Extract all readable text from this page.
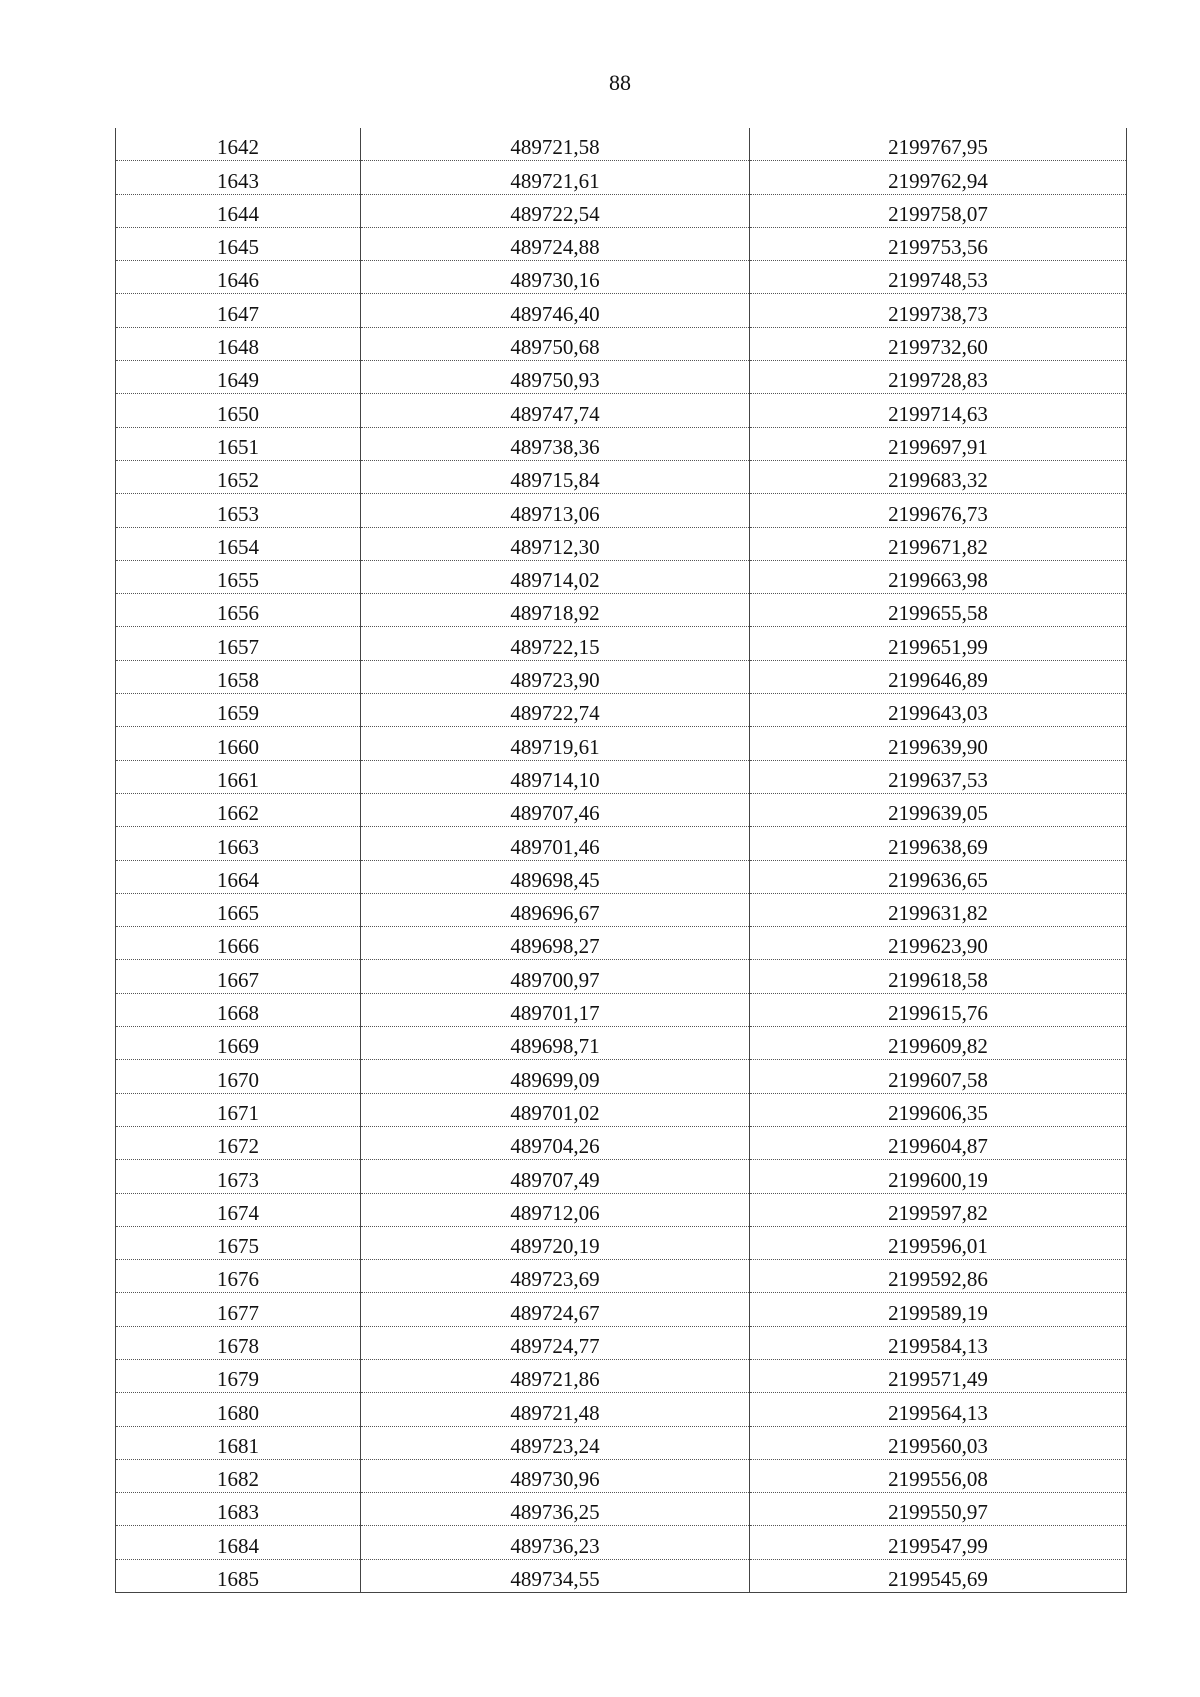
88
1642	489721,58	2199767,95
1643	489721,61	2199762,94
1644	489722,54	2199758,07
1645	489724,88	2199753,56
1646	489730,16	2199748,53
1647	489746,40	2199738,73
1648	489750,68	2199732,60
1649	489750,93	2199728,83
1650	489747,74	2199714,63
1651	489738,36	2199697,91
1652	489715,84	2199683,32
1653	489713,06	2199676,73
1654	489712,30	2199671,82
1655	489714,02	2199663,98
1656	489718,92	2199655,58
1657	489722,15	2199651,99
1658	489723,90	2199646,89
1659	489722,74	2199643,03
1660	489719,61	2199639,90
1661	489714,10	2199637,53
1662	489707,46	2199639,05
1663	489701,46	2199638,69
1664	489698,45	2199636,65
1665	489696,67	2199631,82
1666	489698,27	2199623,90
1667	489700,97	2199618,58
1668	489701,17	2199615,76
1669	489698,71	2199609,82
1670	489699,09	2199607,58
1671	489701,02	2199606,35
1672	489704,26	2199604,87
1673	489707,49	2199600,19
1674	489712,06	2199597,82
1675	489720,19	2199596,01
1676	489723,69	2199592,86
1677	489724,67	2199589,19
1678	489724,77	2199584,13
1679	489721,86	2199571,49
1680	489721,48	2199564,13
1681	489723,24	2199560,03
1682	489730,96	2199556,08
1683	489736,25	2199550,97
1684	489736,23	2199547,99
1685	489734,55	2199545,69
